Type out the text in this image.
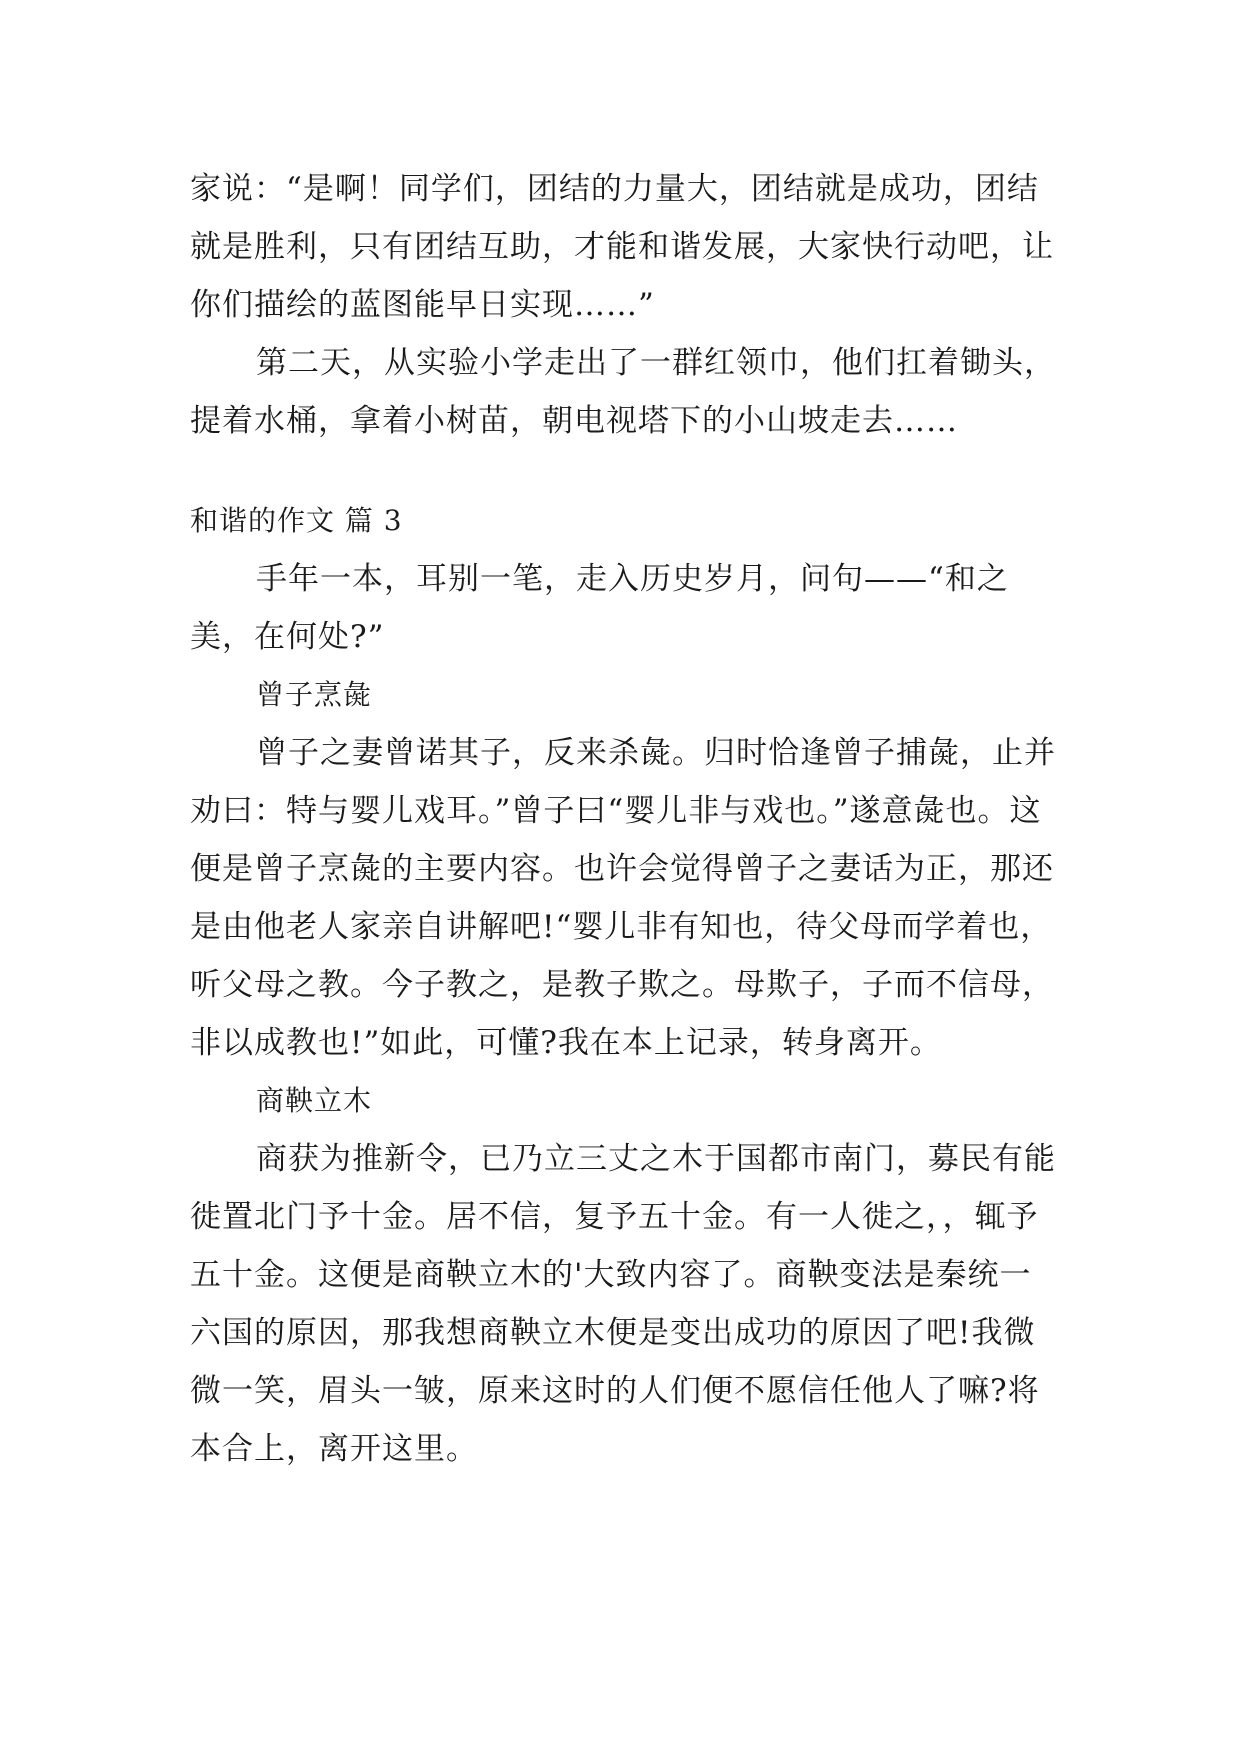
家说：“是啊！同学们，团结的力量大，团结就是成功，团结就是胜利，只有团结互助，才能和谐发展，大家快行动吧，让你们描绘的蓝图能早日实现……”

第二天，从实验小学走出了一群红领巾，他们扛着锄头，提着水桶，拿着小树苗，朝电视塔下的小山坡走去……

和谐的作文 篇 3

手年一本，耳别一笔，走入历史岁月，问句——“和之美，在何处?”

曾子烹彘

曾子之妻曾诺其子，反来杀彘。归时恰逢曾子捕彘，止并劝曰：特与婴儿戏耳。”曾子曰“婴儿非与戏也。”遂意彘也。这便是曾子烹彘的主要内容。也许会觉得曾子之妻话为正，那还是由他老人家亲自讲解吧!“婴儿非有知也，待父母而学着也，听父母之教。今子教之，是教子欺之。母欺子，子而不信母，非以成教也!”如此，可懂?我在本上记录，转身离开。

商鞅立木

商获为推新令，已乃立三丈之木于国都市南门，募民有能徙置北门予十金。居不信，复予五十金。有一人徙之，，辄予五十金。这便是商鞅立木的'大致内容了。商鞅变法是秦统一六国的原因，那我想商鞅立木便是变出成功的原因了吧!我微微一笑，眉头一皱，原来这时的人们便不愿信任他人了嘛?将本合上，离开这里。
